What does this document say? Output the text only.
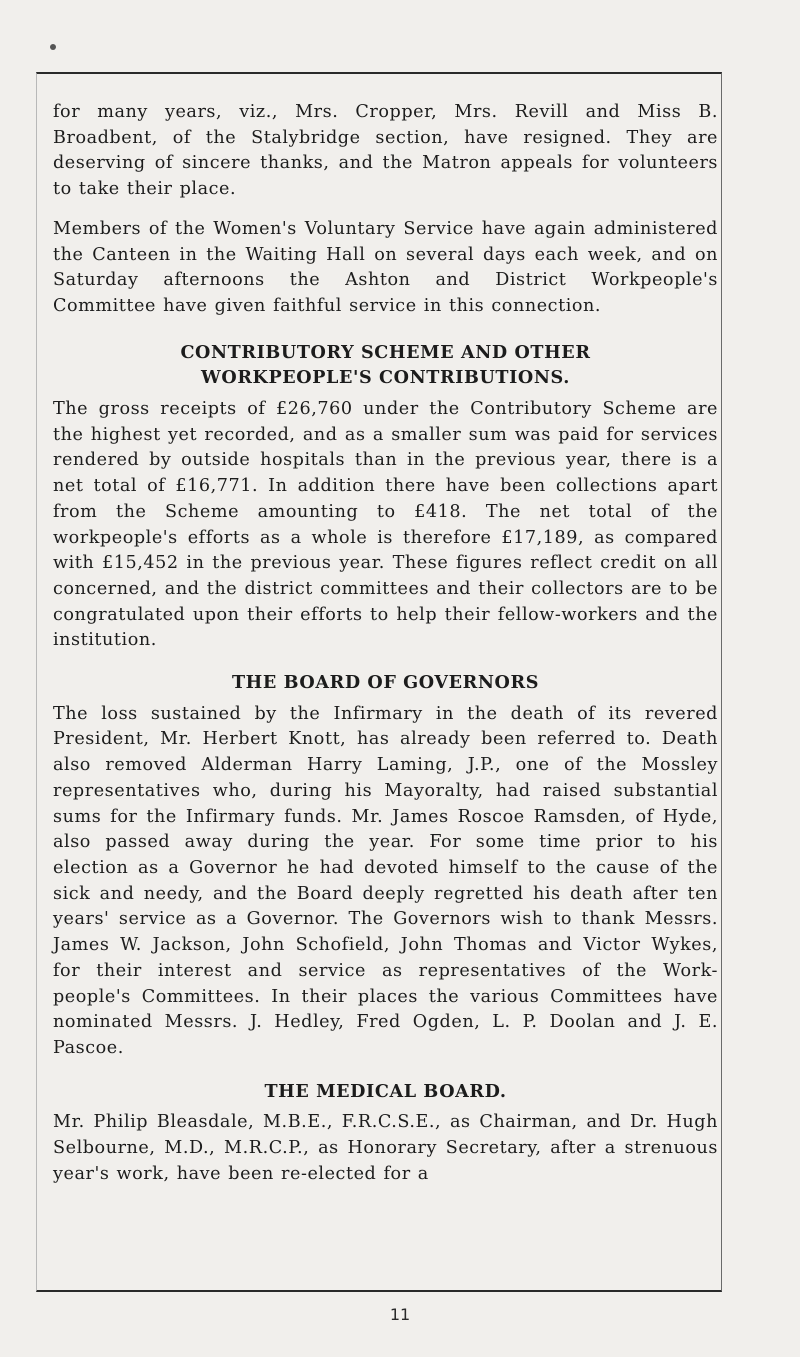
for many years, viz., Mrs. Cropper, Mrs. Revill and Miss B. Broadbent, of the Stalybridge section, have resigned. They are deserving of sincere thanks, and the Matron appeals for volunteers to take their place.

Members of the Women's Voluntary Service have again administered the Canteen in the Waiting Hall on several days each week, and on Saturday afternoons the Ashton and District Workpeople's Committee have given faithful service in this connection.

CONTRIBUTORY SCHEME AND OTHER
WORKPEOPLE'S CONTRIBUTIONS.

The gross receipts of £26,760 under the Contributory Scheme are the highest yet recorded, and as a smaller sum was paid for services rendered by outside hospitals than in the previous year, there is a net total of £16,771. In addition there have been collections apart from the Scheme amounting to £418. The net total of the workpeople's efforts as a whole is therefore £17,189, as compared with £15,452 in the previous year. These figures reflect credit on all concerned, and the district committees and their collectors are to be congratulated upon their efforts to help their fellow-workers and the institution.

THE BOARD OF GOVERNORS

The loss sustained by the Infirmary in the death of its revered President, Mr. Herbert Knott, has already been referred to. Death also removed Alderman Harry Laming, J.P., one of the Mossley representatives who, during his Mayoralty, had raised substantial sums for the Infirmary funds. Mr. James Roscoe Ramsden, of Hyde, also passed away during the year. For some time prior to his election as a Governor he had devoted himself to the cause of the sick and needy, and the Board deeply regretted his death after ten years' service as a Governor. The Governors wish to thank Messrs. James W. Jackson, John Schofield, John Thomas and Victor Wykes, for their interest and service as representatives of the Work- people's Committees. In their places the various Committees have nominated Messrs. J. Hedley, Fred Ogden, L. P. Doolan and J. E. Pascoe.

THE MEDICAL BOARD.

Mr. Philip Bleasdale, M.B.E., F.R.C.S.E., as Chairman, and Dr. Hugh Selbourne, M.D., M.R.C.P., as Honorary Secretary, after a strenuous year's work, have been re-elected for a

11
